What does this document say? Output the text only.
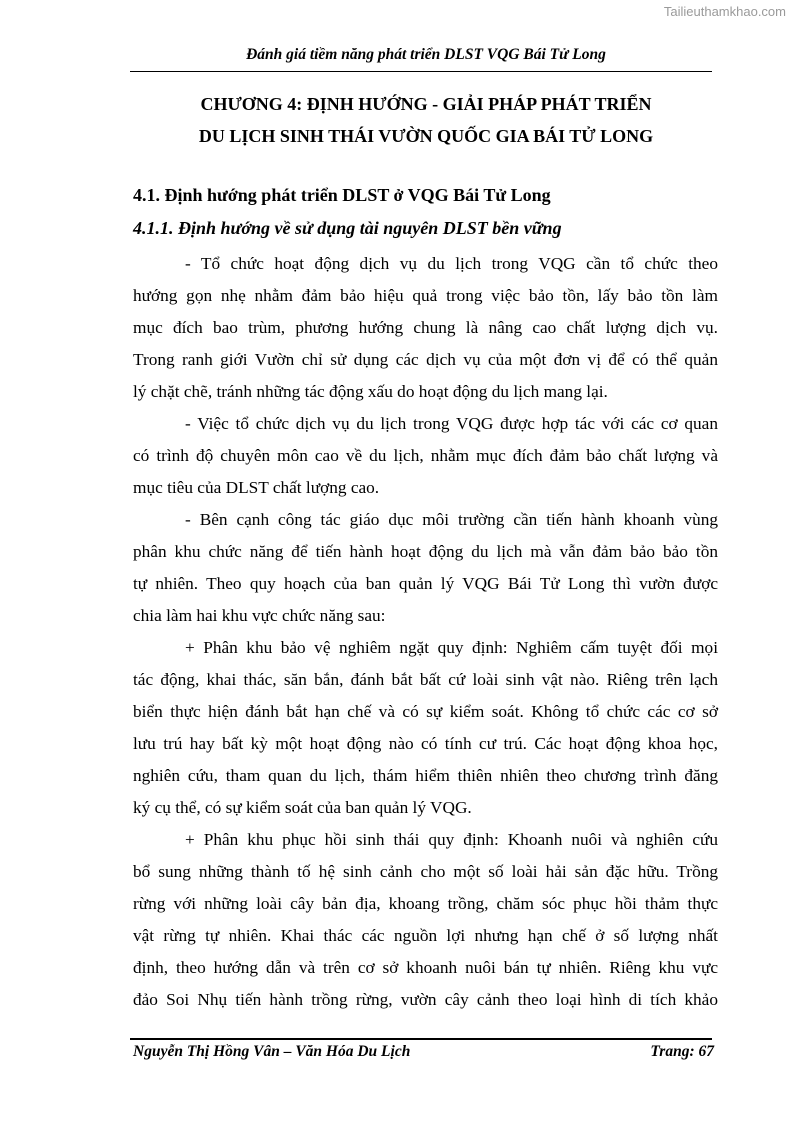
Tailieuthamkhao.com
Đánh giá tiềm năng phát triển DLST VQG Bái Tử Long
CHƯƠNG 4: ĐỊNH HƯỚNG - GIẢI PHÁP PHÁT TRIỂN
DU LỊCH SINH THÁI VƯỜN QUỐC GIA BÁI TỬ LONG
4.1. Định hướng phát triển DLST ở VQG Bái Tử Long
4.1.1. Định hướng về sử dụng tài nguyên DLST bền vững
- Tổ chức hoạt động dịch vụ du lịch trong VQG cần tổ chức theo
hướng gọn nhẹ nhằm đảm bảo hiệu quả trong việc bảo tồn, lấy bảo tồn làm
mục đích bao trùm, phương hướng chung là nâng cao chất lượng dịch vụ.
Trong ranh giới Vườn chỉ sử dụng các dịch vụ của một đơn vị để có thể quản
lý chặt chẽ, tránh những tác động xấu do hoạt động du lịch mang lại.
- Việc tổ chức dịch vụ du lịch trong VQG được hợp tác với các cơ quan
có trình độ chuyên môn cao về du lịch, nhằm mục đích đảm bảo chất lượng và
mục tiêu của DLST chất lượng cao.
- Bên cạnh công tác giáo dục môi trường cần tiến hành khoanh vùng
phân khu chức năng để tiến hành hoạt động du lịch mà vẫn đảm bảo bảo tồn
tự nhiên. Theo quy hoạch của ban quản lý VQG Bái Tử Long thì vườn được
chia làm hai khu vực chức năng sau:
+ Phân khu bảo vệ nghiêm ngặt quy định: Nghiêm cấm tuyệt đối mọi
tác động, khai thác, săn bắn, đánh bắt bất cứ loài sinh vật nào. Riêng trên lạch
biển thực hiện đánh bắt hạn chế và có sự kiểm soát. Không tổ chức các cơ sở
lưu trú hay bất kỳ một hoạt động nào có tính cư trú. Các hoạt động khoa học,
nghiên cứu, tham quan du lịch, thám hiểm thiên nhiên theo chương trình đăng
ký cụ thể, có sự kiểm soát của ban quản lý VQG.
+ Phân khu phục hồi sinh thái quy định: Khoanh nuôi và nghiên cứu
bổ sung những thành tố hệ sinh cảnh cho một số loài hải sản đặc hữu. Trồng
rừng với những loài cây bản địa, khoang trồng, chăm sóc phục hồi thảm thực
vật rừng tự nhiên. Khai thác các nguồn lợi nhưng hạn chế ở số lượng nhất
định, theo hướng dẫn và trên cơ sở khoanh nuôi bán tự nhiên. Riêng khu vực
đảo Soi Nhụ tiến hành trồng rừng, vườn cây cảnh theo loại hình di tích khảo
Nguyễn Thị Hồng Vân – Văn Hóa Du Lịch	Trang: 67
